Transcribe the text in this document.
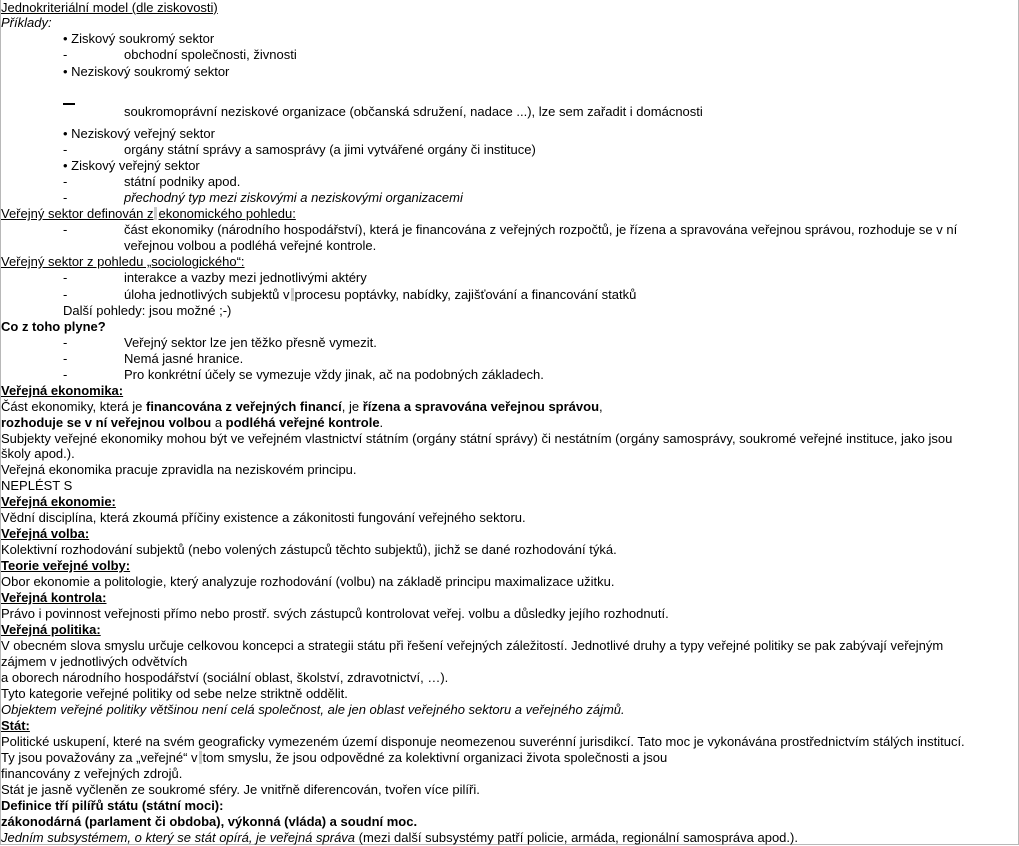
Jednokriteriální model (dle ziskovosti)
Příklady:
• Ziskový soukromý sektor
-	obchodní společnosti, živnosti
• Neziskový soukromý sektor
soukromoprávní neziskové organizace (občanská sdružení, nadace ...), lze sem zařadit i domácnosti
• Neziskový veřejný sektor
-	orgány státní správy a samosprávy (a jimi vytvářené orgány či instituce)
• Ziskový veřejný sektor
-	státní podniky apod.
-	přechodný typ mezi ziskovými a neziskovými organizacemi
Veřejný sektor definován z ekonomického pohledu:
-	část ekonomiky (národního hospodářství), která je financována z veřejných rozpočtů, je řízena a spravována veřejnou správou, rozhoduje se v ní
veřejnou volbou a podléhá veřejné kontrole.
Veřejný sektor z pohledu „sociologického“:
-	interakce a vazby mezi jednotlivými aktéry
-	úloha jednotlivých subjektů v procesu poptávky, nabídky, zajišťování a financování statků
Další pohledy: jsou možné ;-)
Co z toho plyne?
-	Veřejný sektor lze jen těžko přesně vymezit.
-	Nemá jasné hranice.
-	Pro konkrétní účely se vymezuje vždy jinak, ač na podobných základech.
Veřejná ekonomika:
Část ekonomiky, která je financována z veřejných financí, je řízena a spravována veřejnou správou,
rozhoduje se v ní veřejnou volbou a podléhá veřejné kontrole.
Subjekty veřejné ekonomiky mohou být ve veřejném vlastnictví státním (orgány státní správy) či nestátním (orgány samosprávy, soukromé veřejné instituce, jako jsou
školy apod.).
Veřejná ekonomika pracuje zpravidla na neziskovém principu.
NEPLÉST S
Veřejná ekonomie:
Vědní disciplína, která zkoumá příčiny existence a zákonitosti fungování veřejného sektoru.
Veřejná volba:
Kolektivní rozhodování subjektů (nebo volených zástupců těchto subjektů), jichž se dané rozhodování týká.
Teorie veřejné volby:
Obor ekonomie a politologie, který analyzuje rozhodování (volbu) na základě principu maximalizace užitku.
Veřejná kontrola:
Právo i povinnost veřejnosti přímo nebo prostř. svých zástupců kontrolovat veřej. volbu a důsledky jejího rozhodnutí.
Veřejná politika:
V obecném slova smyslu určuje celkovou koncepci a strategii státu při řešení veřejných záležitostí. Jednotlivé druhy a typy veřejné politiky se pak zabývají veřejným
zájmem v jednotlivých odvětvích
a oborech národního hospodářství (sociální oblast, školství, zdravotnictví, …).
Tyto kategorie veřejné politiky od sebe nelze striktně oddělit.
Objektem veřejné politiky většinou není celá společnost, ale jen oblast veřejného sektoru a veřejného zájmů.
Stát:
Politické uskupení, které na svém geograficky vymezeném území disponuje neomezenou suverénní jurisdikcí. Tato moc je vykonávána prostřednictvím stálých institucí.
Ty jsou považovány za „veřejné“ v tom smyslu, že jsou odpovědné za kolektivní organizaci života společnosti a jsou
financovány z veřejných zdrojů.
Stát je jasně vyčleněn ze soukromé sféry. Je vnitřně diferencován, tvořen více pilíři.
Definice tří pilířů státu (státní moci):
zákonodárná (parlament či obdoba), výkonná (vláda) a soudní moc.
Jedním subsystémem, o který se stát opírá, je veřejná správa (mezi další subsystémy patří policie, armáda, regionální samospráva apod.).
